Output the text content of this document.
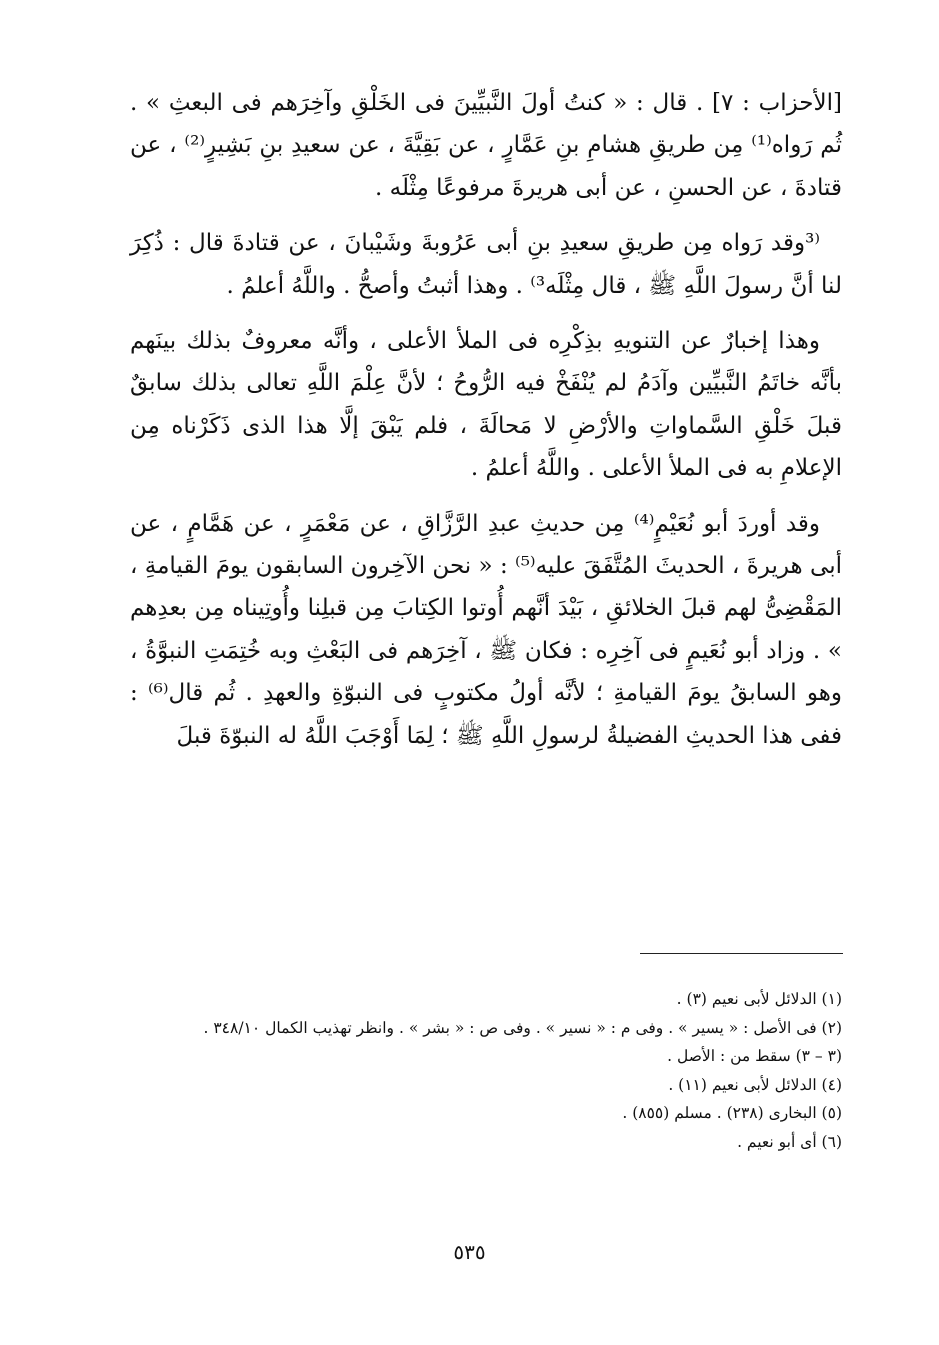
[الأحزاب : ٧] . قال : « كنتُ أولَ النَّبيِّينَ فى الخَلْقِ وآخِرَهم فى البعثِ » . ثُم رَواه⁽¹⁾ مِن طريقِ هشامِ بنِ عَمَّارٍ ، عن بَقِيَّةَ ، عن سعيدِ بنِ بَشِيرٍ⁽²⁾ ، عن قتادةَ ، عن الحسنِ ، عن أبى هريرةَ مرفوعًا مِثْلَه .

⁽³وقد رَواه مِن طريقِ سعيدِ بنِ أبى عَرُوبةَ وشَيْبانَ ، عن قتادةَ قال : ذُكِرَ لنا أنَّ رسولَ اللَّهِ ﷺ ، قال مِثْلَه³⁾ . وهذا أثبتُ وأصحُّ . واللَّهُ أعلمُ .

وهذا إخبارٌ عن التنويهِ بذِكْرِه فى الملأ الأعلى ، وأنَّه معروفٌ بذلك بينَهم بأنَّه خاتَمُ النَّبيِّين وآدَمُ لم يُنْفَخْ فيه الرُّوحُ ؛ لأنَّ عِلْمَ اللَّهِ تعالى بذلك سابقٌ قبلَ خَلْقِ السَّماواتِ والأرْضِ لا مَحالَةَ ، فلم يَبْقَ إلَّا هذا الذى ذَكَرْناه مِن الإعلامِ به فى الملأ الأعلى . واللَّهُ أعلمُ .

وقد أوردَ أبو نُعَيْمٍ⁽⁴⁾ مِن حديثِ عبدِ الرَّزَّاقِ ، عن مَعْمَرٍ ، عن هَمَّامٍ ، عن أبى هريرةَ ، الحديثَ المُتَّفَقَ عليه⁽⁵⁾ : « نحن الآخِرون السابقون يومَ القيامةِ ، المَقْضِىُّ لهم قبلَ الخلائقِ ، بَيْدَ أنَّهم أُوتوا الكِتابَ مِن قبلِنا وأُوتِيناه مِن بعدِهم » . وزاد أبو نُعَيمٍ فى آخِرِه : فكان ﷺ ، آخِرَهم فى البَعْثِ وبه خُتِمَتِ النبوَّةُ ، وهو السابقُ يومَ القيامةِ ؛ لأنَّه أولُ مكتوبٍ فى النبوّةِ والعهدِ . ثُم قال⁽⁶⁾ : ففى هذا الحديثِ الفضيلةُ لرسولِ اللَّهِ ﷺ ؛ لِمَا أَوْجَبَ اللَّهُ له النبوّةَ قبلَ

(١) الدلائل لأبى نعيم (٣) .
(٢) فى الأصل : « يسير » . وفى م : « نسير » . وفى ص : « بشر » . وانظر تهذيب الكمال ٣٤٨/١٠ .
(٣ – ٣) سقط من : الأصل .
(٤) الدلائل لأبى نعيم (١١) .
(٥) البخارى (٢٣٨) . مسلم (٨٥٥) .
(٦) أى أبو نعيم .
٥٣٥
